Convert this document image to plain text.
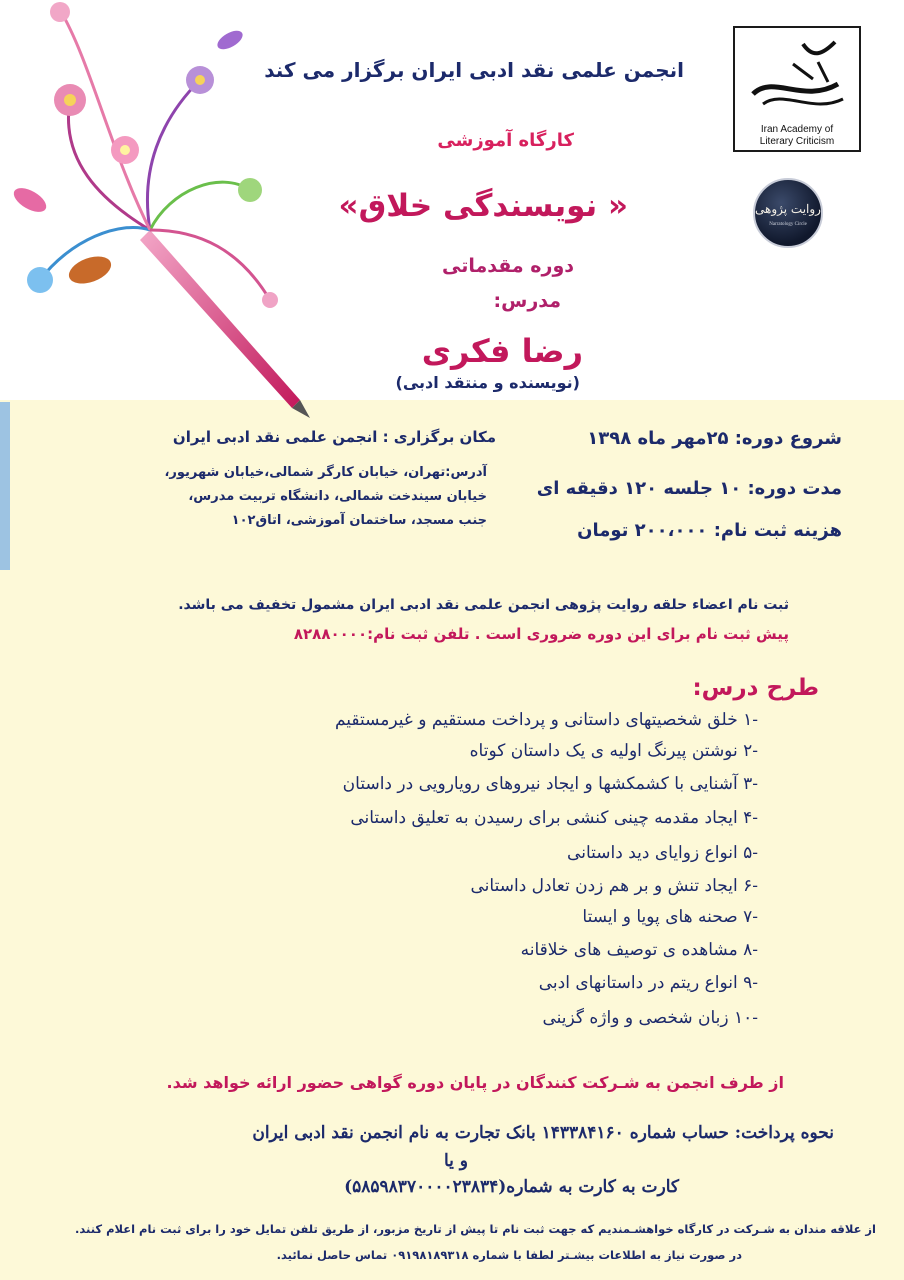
Iran Academy of
Literary Criticism
روایت پژوهی
Narratology Circle
انجمن علمی نقد ادبی ایران برگزار می کند
کارگاه آموزشی
« نویسندگی خلاق»
دوره مقدماتی
مدرس:
رضا فکری
(نویسنده و منتقد ادبی)
شروع دوره: ۲۵مهر ماه ۱۳۹۸
مدت دوره: ۱۰ جلسه ۱۲۰ دقیقه ای
هزینه ثبت نام: ۲۰۰،۰۰۰ تومان
مکان برگزاری : انجمن علمی نقد ادبی ایران
آدرس:تهران، خیابان کارگر شمالی،خیابان شهریور،
خیابان سیندخت شمالی، دانشگاه تربیت مدرس،
جنب مسجد، ساختمان آموزشی، اتاق۱۰۲
ثبت نام اعضاء حلقه روایت پژوهی انجمن علمی نقد ادبی ایران مشمول تخفیف می باشد.
پیش ثبت نام برای این دوره ضروری است . تلفن ثبت نام:۸۲۸۸۰۰۰۰
طرح درس:
-۱ خلق شخصیتهای داستانی و پرداخت مستقیم و غیرمستقیم
-۲ نوشتن پیرنگ اولیه ی یک داستان کوتاه
-۳ آشنایی با کشمکشها و ایجاد نیروهای رویارویی در داستان
-۴ ایجاد مقدمه چینی کنشی برای رسیدن به تعلیق داستانی
-۵ انواع زوایای دید داستانی
-۶ ایجاد تنش و بر هم زدن تعادل داستانی
-۷ صحنه های پویا و ایستا
-۸ مشاهده ی توصیف های خلاقانه
-۹ انواع ریتم در داستانهای ادبی
-۱۰ زبان شخصی و واژه گزینی
از طرف انجمن به شـرکت کنندگان در پایان دوره گواهی حضور ارائه خواهد شد.
نحوه پرداخت: حساب شماره ۱۴۳۳۸۴۱۶۰ بانک تجارت به نام انجمن نقد ادبی ایران
و یا
کارت به کارت به شماره(۵۸۵۹۸۳۷۰۰۰۰۲۳۸۳۴)
از علاقه مندان به شـرکت در کارگاه خواهشـمندیم که جهت ثبت نام تا پیش از تاریخ مزبور، از طریق تلفن تمایل خود را برای ثبت نام اعلام کنند.
در صورت نیاز به اطلاعات بیشـتر لطفا با شماره ۰۹۱۹۸۱۸۹۳۱۸ تماس حاصل نمائید.
